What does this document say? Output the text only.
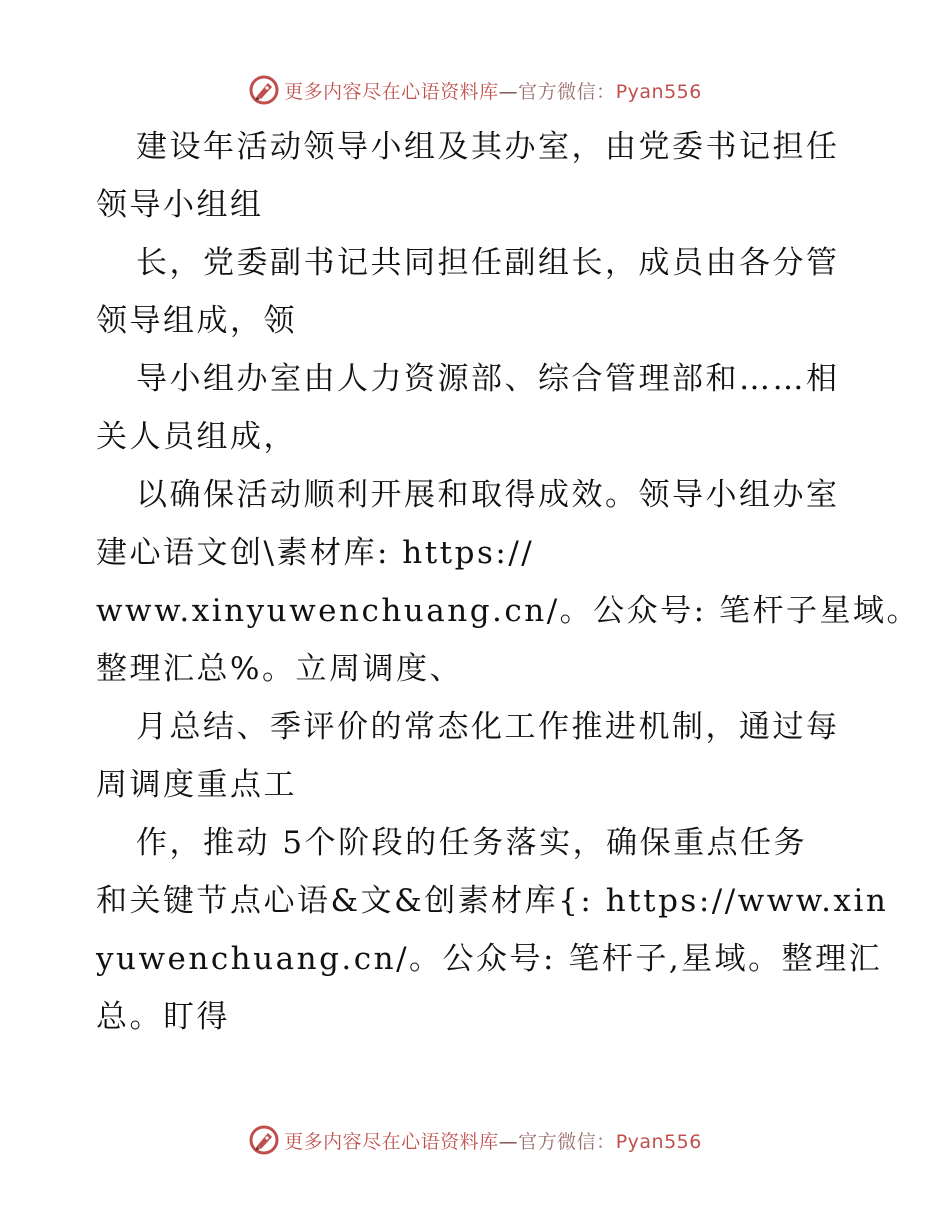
更多内容尽在心语资料库—官方微信：Pyan556
建设年活动领导小组及其办室，由党委书记担任
领导小组组
长，党委副书记共同担任副组长，成员由各分管
领导组成，领
导小组办室由人力资源部、综合管理部和……相
关人员组成，
以确保活动顺利开展和取得成效。领导小组办室
建心语文创\素材库: https://
www.xinyuwenchuang.cn/。公众号: 笔杆子星域。
整理汇总%。立周调度、
月总结、季评价的常态化工作推进机制，通过每
周调度重点工
作，推动 5个阶段的任务落实，确保重点任务
和关键节点心语&文&创素材库{: https://www.xin
yuwenchuang.cn/。公众号: 笔杆子,星域。整理汇
总。盯得
更多内容尽在心语资料库—官方微信：Pyan556
